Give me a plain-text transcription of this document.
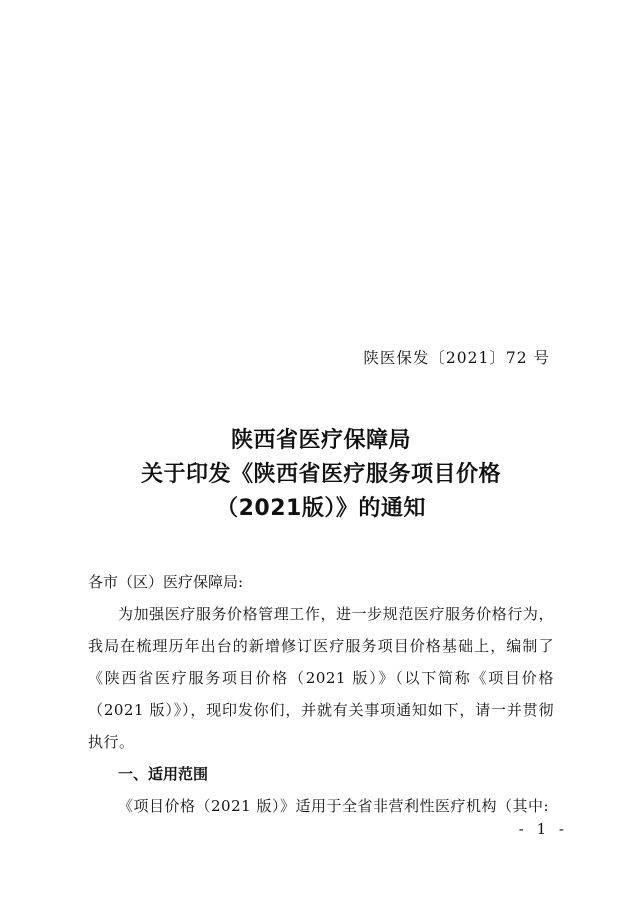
陕医保发〔2021〕72 号
陕西省医疗保障局
关于印发《陕西省医疗服务项目价格
（2021版）》的通知

各市（区）医疗保障局:

为加强医疗服务价格管理工作，进一步规范医疗服务价格行为，我局在梳理历年出台的新增修订医疗服务项目价格基础上，编制了《陕西省医疗服务项目价格（2021 版）》（以下简称《项目价格（2021 版）》），现印发你们，并就有关事项通知如下，请一并贯彻执行。

一、适用范围

《项目价格（2021 版）》适用于全省非营利性医疗机构（其中:

- 1 -
